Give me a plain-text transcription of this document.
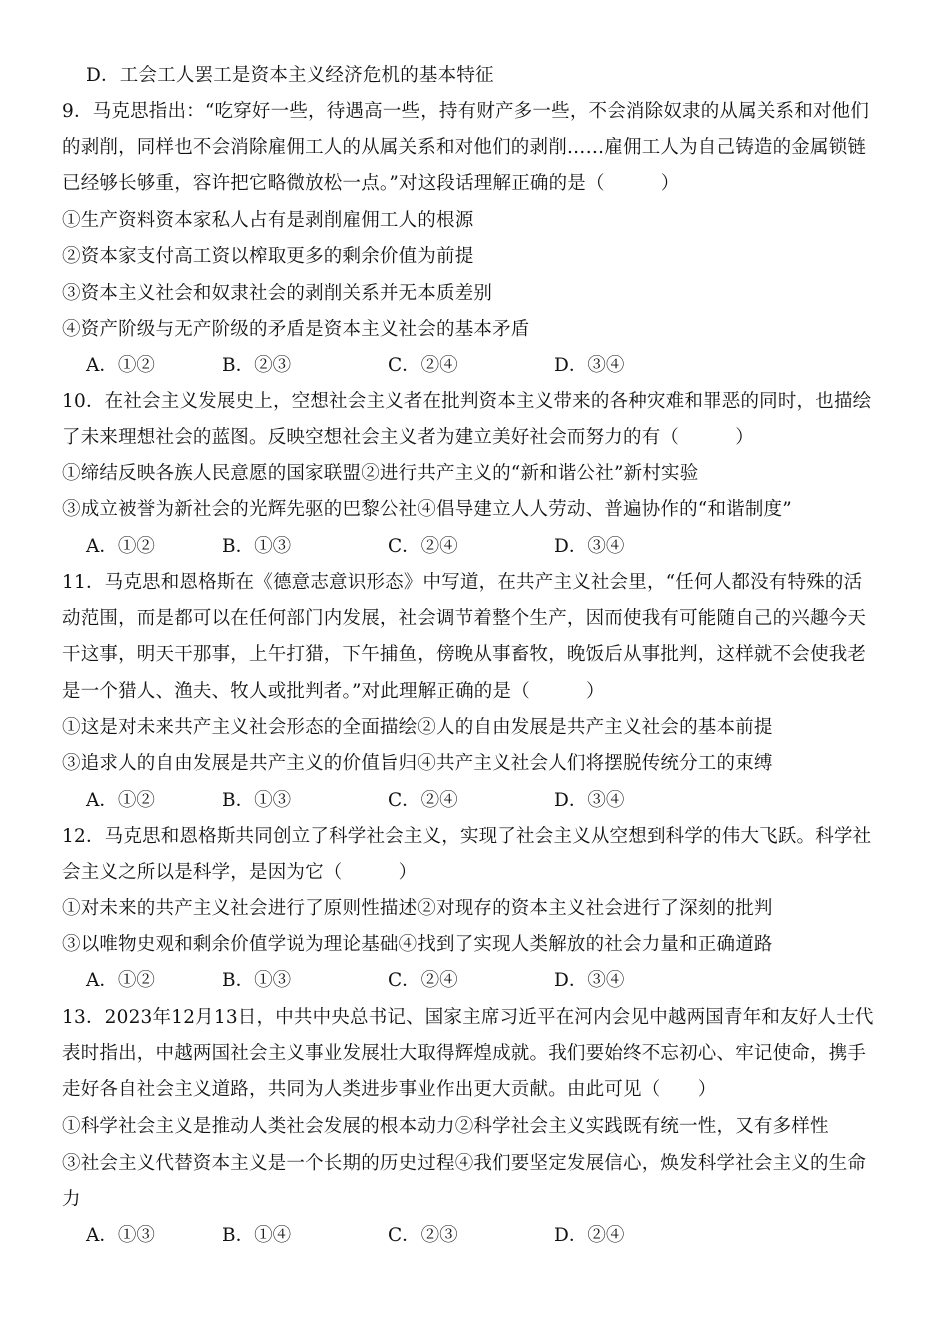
D．工会工人罢工是资本主义经济危机的基本特征
9．马克思指出：“吃穿好一些，待遇高一些，持有财产多一些，不会消除奴隶的从属关系和对他们
的剥削，同样也不会消除雇佣工人的从属关系和对他们的剥削……雇佣工人为自己铸造的金属锁链
已经够长够重，容许把它略微放松一点。”对这段话理解正确的是（　　　）
①生产资料资本家私人占有是剥削雇佣工人的根源
②资本家支付高工资以榨取更多的剩余价值为前提
③资本主义社会和奴隶社会的剥削关系并无本质差别
④资产阶级与无产阶级的矛盾是资本主义社会的基本矛盾
A．①②	B．②③	C．②④	D．③④
10．在社会主义发展史上，空想社会主义者在批判资本主义带来的各种灾难和罪恶的同时，也描绘
了未来理想社会的蓝图。反映空想社会主义者为建立美好社会而努力的有（　　　）
①缔结反映各族人民意愿的国家联盟②进行共产主义的“新和谐公社”新村实验
③成立被誉为新社会的光辉先驱的巴黎公社④倡导建立人人劳动、普遍协作的“和谐制度”
A．①②	B．①③	C．②④	D．③④
11．马克思和恩格斯在《德意志意识形态》中写道，在共产主义社会里，“任何人都没有特殊的活
动范围，而是都可以在任何部门内发展，社会调节着整个生产，因而使我有可能随自己的兴趣今天
干这事，明天干那事，上午打猎，下午捕鱼，傍晚从事畜牧，晚饭后从事批判，这样就不会使我老
是一个猎人、渔夫、牧人或批判者。”对此理解正确的是（　　　）
①这是对未来共产主义社会形态的全面描绘②人的自由发展是共产主义社会的基本前提
③追求人的自由发展是共产主义的价值旨归④共产主义社会人们将摆脱传统分工的束缚
A．①②	B．①③	C．②④	D．③④
12．马克思和恩格斯共同创立了科学社会主义，实现了社会主义从空想到科学的伟大飞跃。科学社
会主义之所以是科学，是因为它（　　　）
①对未来的共产主义社会进行了原则性描述②对现存的资本主义社会进行了深刻的批判
③以唯物史观和剩余价值学说为理论基础④找到了实现人类解放的社会力量和正确道路
A．①②	B．①③	C．②④	D．③④
13．2023年12月13日，中共中央总书记、国家主席习近平在河内会见中越两国青年和友好人士代
表时指出，中越两国社会主义事业发展壮大取得辉煌成就。我们要始终不忘初心、牢记使命，携手
走好各自社会主义道路，共同为人类进步事业作出更大贡献。由此可见（　　）
①科学社会主义是推动人类社会发展的根本动力②科学社会主义实践既有统一性，又有多样性
③社会主义代替资本主义是一个长期的历史过程④我们要坚定发展信心，焕发科学社会主义的生命
力
A．①③	B．①④	C．②③	D．②④
